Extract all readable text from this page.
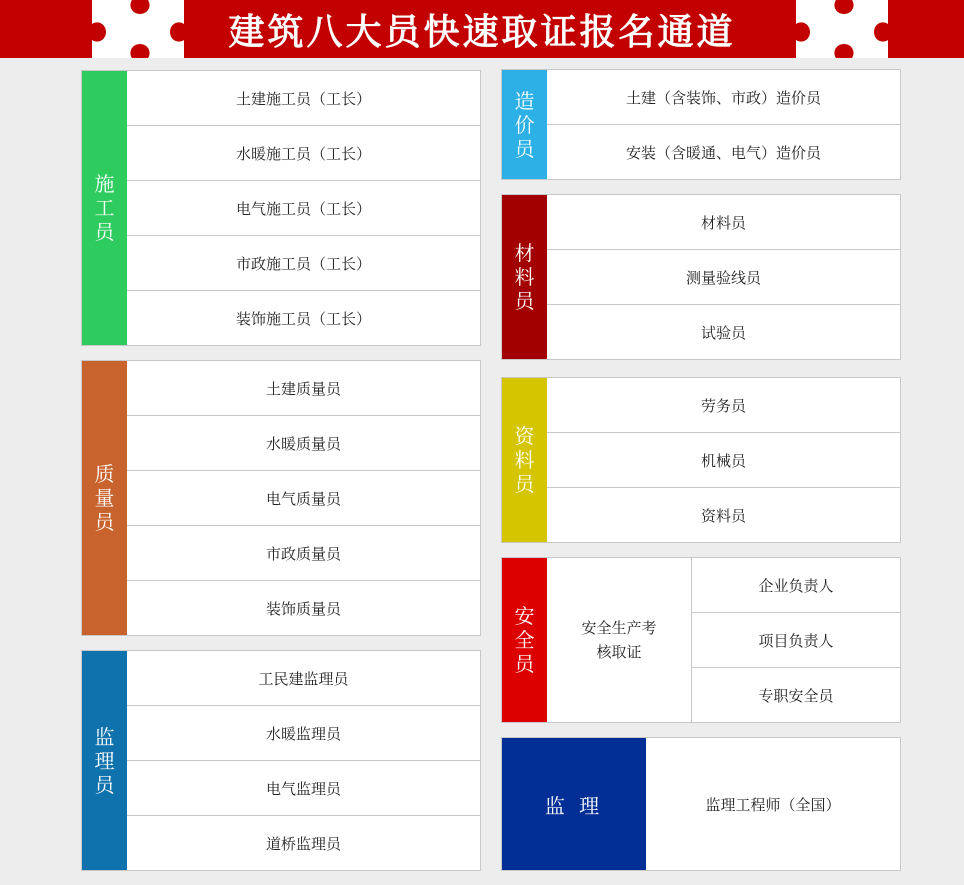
建筑八大员快速取证报名通道
施
工
员
土建施工员（工长）
水暖施工员（工长）
电气施工员（工长）
市政施工员（工长）
装饰施工员（工长）
质
量
员
土建质量员
水暖质量员
电气质量员
市政质量员
装饰质量员
监
理
员
工民建监理员
水暖监理员
电气监理员
道桥监理员
造
价
员
土建（含装饰、市政）造价员
安装（含暖通、电气）造价员
材
料
员
材料员
测量验线员
试验员
资
料
员
劳务员
机械员
资料员
安
全
员
安全生产考
核取证
企业负责人
项目负责人
专职安全员
监 理	监理工程师（全国）
